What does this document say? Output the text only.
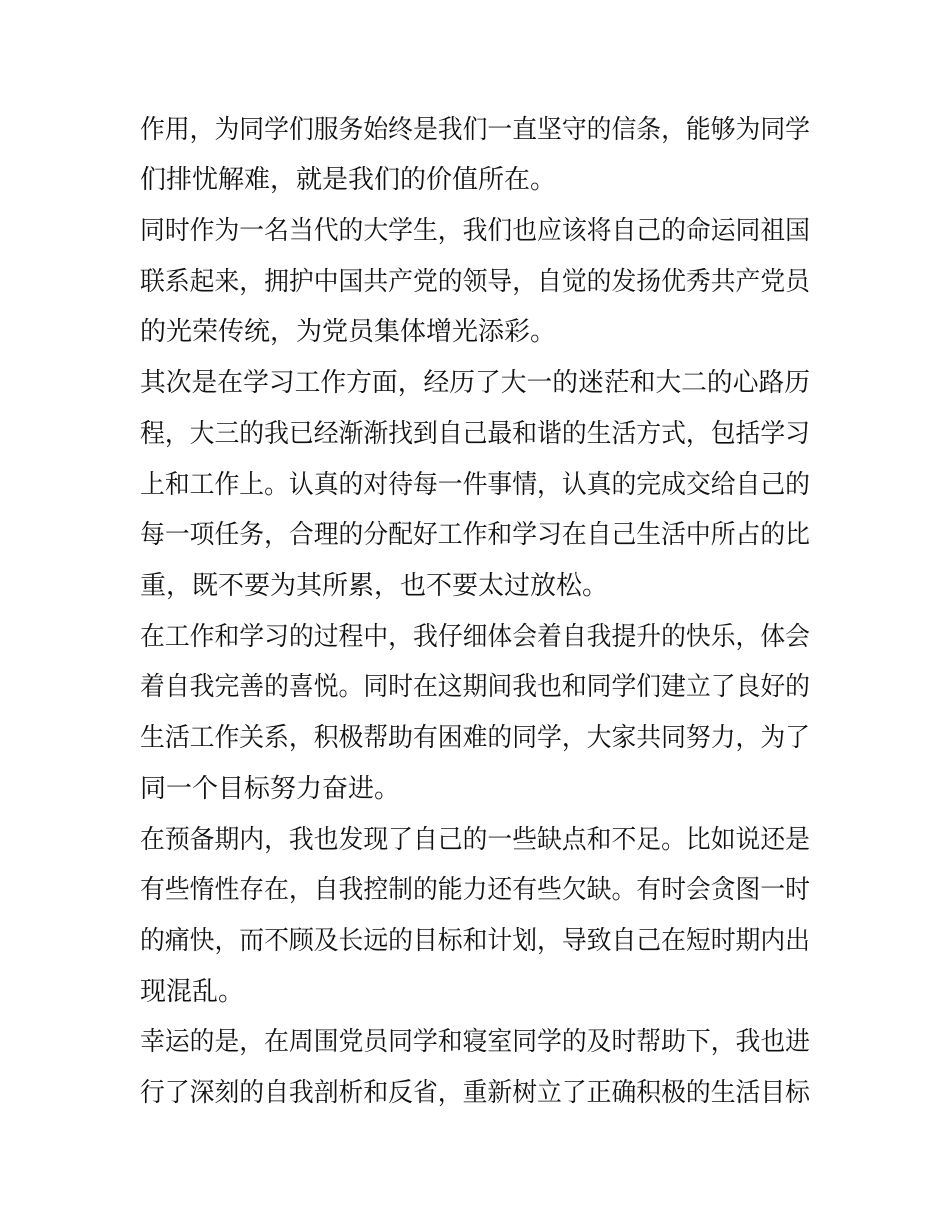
作用，为同学们服务始终是我们一直坚守的信条，能够为同学
们排忧解难，就是我们的价值所在。
同时作为一名当代的大学生，我们也应该将自己的命运同祖国
联系起来，拥护中国共产党的领导，自觉的发扬优秀共产党员
的光荣传统，为党员集体增光添彩。
其次是在学习工作方面，经历了大一的迷茫和大二的心路历
程，大三的我已经渐渐找到自己最和谐的生活方式，包括学习
上和工作上。认真的对待每一件事情，认真的完成交给自己的
每一项任务，合理的分配好工作和学习在自己生活中所占的比
重，既不要为其所累，也不要太过放松。
在工作和学习的过程中，我仔细体会着自我提升的快乐，体会
着自我完善的喜悦。同时在这期间我也和同学们建立了良好的
生活工作关系，积极帮助有困难的同学，大家共同努力，为了
同一个目标努力奋进。
在预备期内，我也发现了自己的一些缺点和不足。比如说还是
有些惰性存在，自我控制的能力还有些欠缺。有时会贪图一时
的痛快，而不顾及长远的目标和计划，导致自己在短时期内出
现混乱。
幸运的是，在周围党员同学和寝室同学的及时帮助下，我也进
行了深刻的自我剖析和反省，重新树立了正确积极的生活目标
